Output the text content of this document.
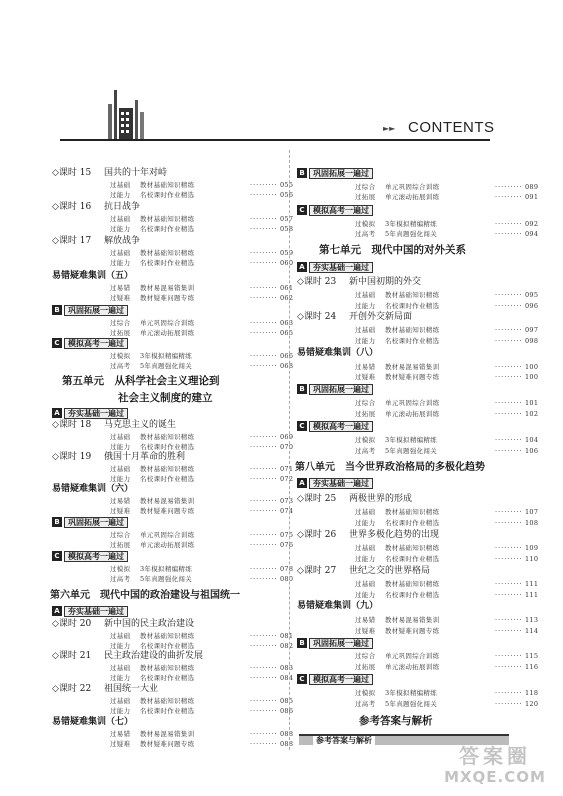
►► CONTENTS
◇课时 15 国共的十年对峙
过基础 教材基础知识精练	········· 055
过能力 名校课时作业精选	········· 056
◇课时 16 抗日战争
过基础 教材基础知识精练	········· 057
过能力 名校课时作业精选	········· 058
◇课时 17 解放战争
过基础 教材基础知识精练	········· 059
过能力 名校课时作业精选	········· 060
易错疑难集训（五）
过易错 教材易混易错集训	········· 061
过疑难 教材疑难问题专练	········· 062
B 巩固拓展一遍过
过综合 单元巩固综合训练	········· 063
过拓展 单元滚动拓展训练	········· 065
C 模拟高考一遍过
过模拟 3年模拟精编精练	········· 066
过高考 5年真题强化闯关	········· 068
第五单元　从科学社会主义理论到
社会主义制度的建立
A 夯实基础一遍过
◇课时 18 马克思主义的诞生
过基础 教材基础知识精练	········· 069
过能力 名校课时作业精选	········· 070
◇课时 19 俄国十月革命的胜利
过基础 教材基础知识精练	········· 071
过能力 名校课时作业精选	········· 072
易错疑难集训（六）
过易错 教材易混易错集训	········· 073
过疑难 教材疑难问题专练	········· 074
B 巩固拓展一遍过
过综合 单元巩固综合训练	········· 075
过拓展 单元滚动拓展训练	········· 076
C 模拟高考一遍过
过模拟 3年模拟精编精练	········· 078
过高考 5年真题强化闯关	········· 080
第六单元　现代中国的政治建设与祖国统一
A 夯实基础一遍过
◇课时 20 新中国的民主政治建设
过基础 教材基础知识精练	········· 081
过能力 名校课时作业精选	········· 082
◇课时 21 民主政治建设的曲折发展
过基础 教材基础知识精练	········· 083
过能力 名校课时作业精选	········· 084
◇课时 22 祖国统一大业
过基础 教材基础知识精练	········· 085
过能力 名校课时作业精选	········· 086
易错疑难集训（七）
过易错 教材易混易错集训	········· 088
过疑难 教材疑难问题专练	········· 088
B 巩固拓展一遍过
过综合 单元巩固综合训练	········· 089
过拓展 单元滚动拓展训练	········· 091
C 模拟高考一遍过
过模拟 3年模拟精编精练	········· 092
过高考 5年真题强化闯关	········· 094
第七单元　现代中国的对外关系
A 夯实基础一遍过
◇课时 23 新中国初期的外交
过基础 教材基础知识精练	········· 095
过能力 名校课时作业精选	········· 096
◇课时 24 开创外交新局面
过基础 教材基础知识精练	········· 097
过能力 名校课时作业精选	········· 098
易错疑难集训（八）
过易错 教材易混易错集训	········· 100
过疑难 教材疑难问题专练	········· 100
B 巩固拓展一遍过
过综合 单元巩固综合训练	········· 101
过拓展 单元滚动拓展训练	········· 102
C 模拟高考一遍过
过模拟 3年模拟精编精练	········· 104
过高考 5年真题强化闯关	········· 106
第八单元　当今世界政治格局的多极化趋势
A 夯实基础一遍过
◇课时 25 两极世界的形成
过基础 教材基础知识精练	········· 107
过能力 名校课时作业精选	········· 108
◇课时 26 世界多极化趋势的出现
过基础 教材基础知识精练	········· 109
过能力 名校课时作业精选	········· 110
◇课时 27 世纪之交的世界格局
过基础 教材基础知识精练	········· 111
过能力 名校课时作业精选	········· 111
易错疑难集训（九）
过易错 教材易混易错集训	········· 113
过疑难 教材疑难问题专练	········· 114
B 巩固拓展一遍过
过综合 单元巩固综合训练	········· 115
过拓展 单元滚动拓展训练	········· 116
C 模拟高考一遍过
过模拟 3年模拟精编精练	········· 118
过高考 5年真题强化闯关	········· 120
参考答案与解析
参考答案与解析
答案圈
MXQE.COM
